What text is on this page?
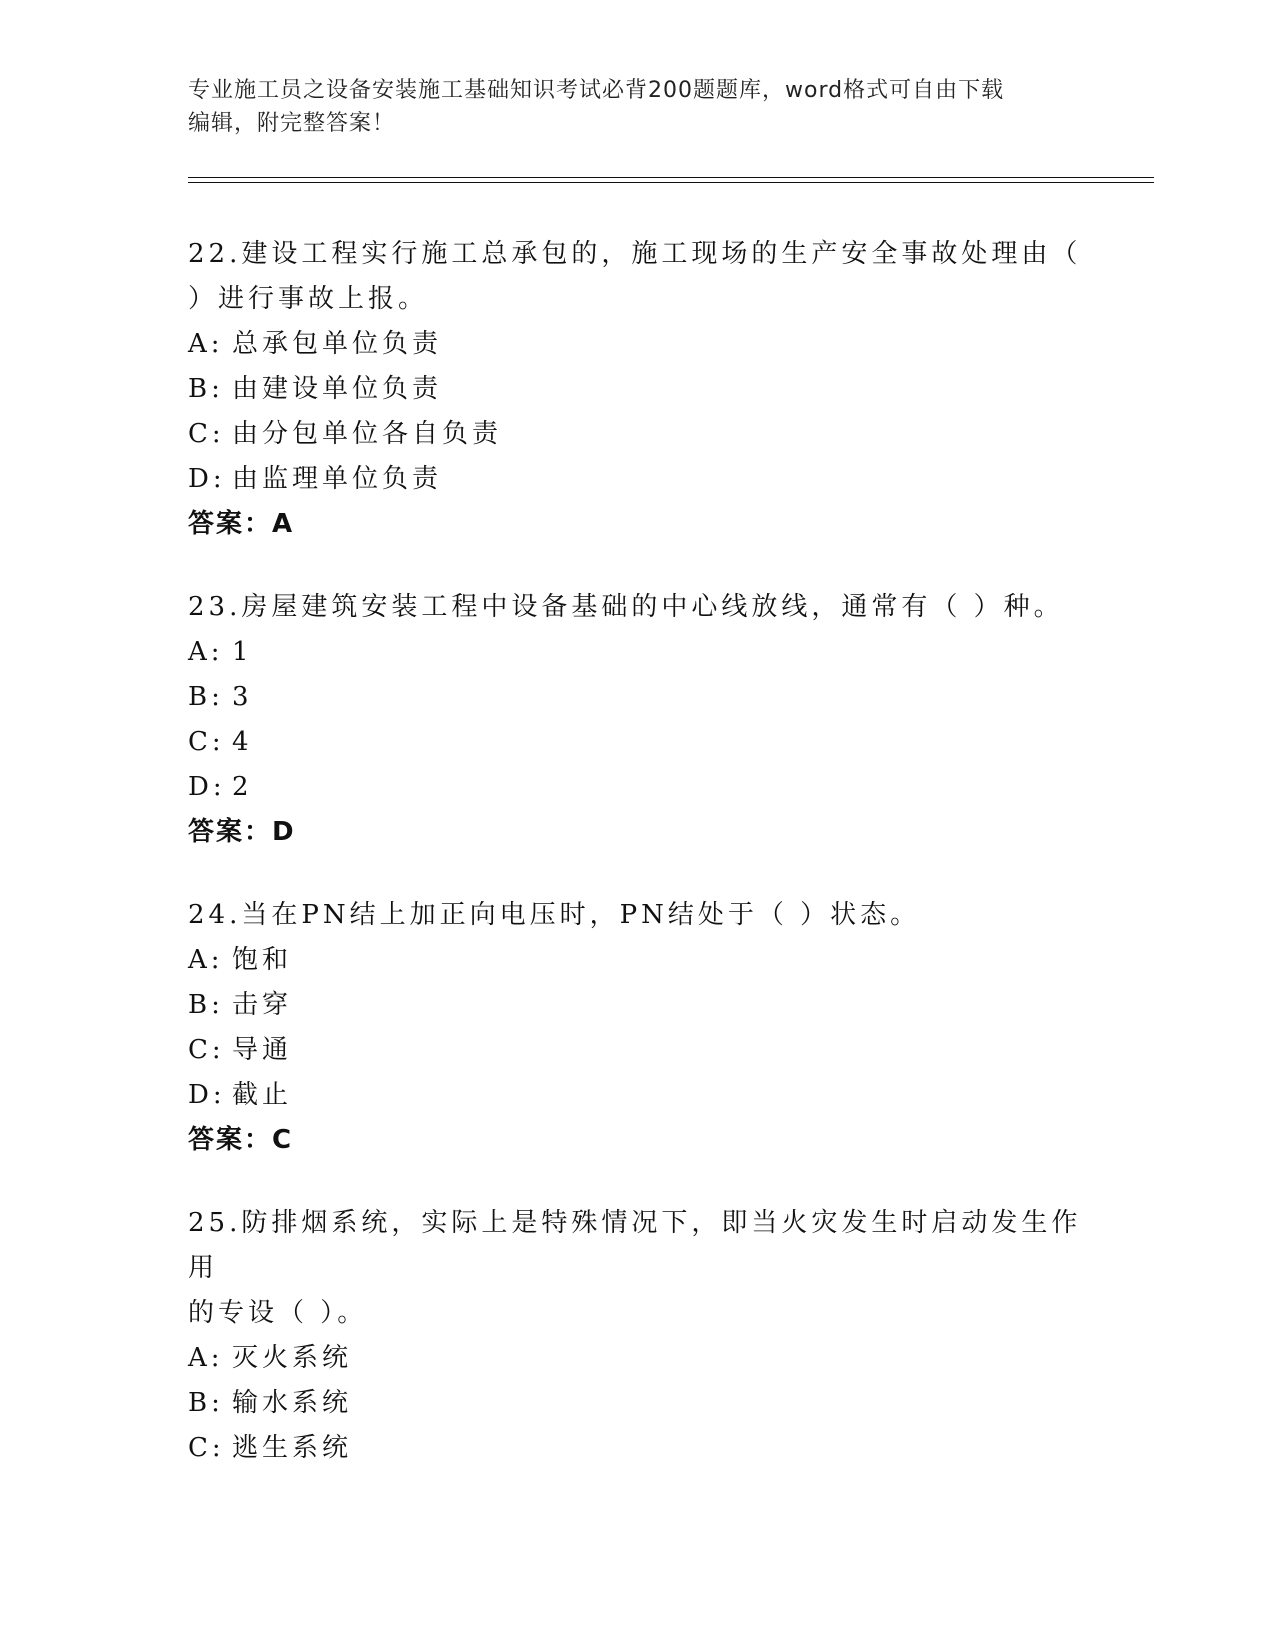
专业施工员之设备安装施工基础知识考试必背200题题库，word格式可自由下载
编辑，附完整答案！

22.建设工程实行施工总承包的，施工现场的生产安全事故处理由（

）进行事故上报。

A: 总承包单位负责

B: 由建设单位负责

C: 由分包单位各自负责

D: 由监理单位负责

答案：A

23.房屋建筑安装工程中设备基础的中心线放线，通常有（ ）种。

A: 1

B: 3

C: 4

D: 2

答案：D

24.当在PN结上加正向电压时，PN结处于（ ）状态。

A: 饱和

B: 击穿

C: 导通

D: 截止

答案：C

25.防排烟系统，实际上是特殊情况下，即当火灾发生时启动发生作用

的专设（ ）。

A: 灭火系统

B: 输水系统

C: 逃生系统
